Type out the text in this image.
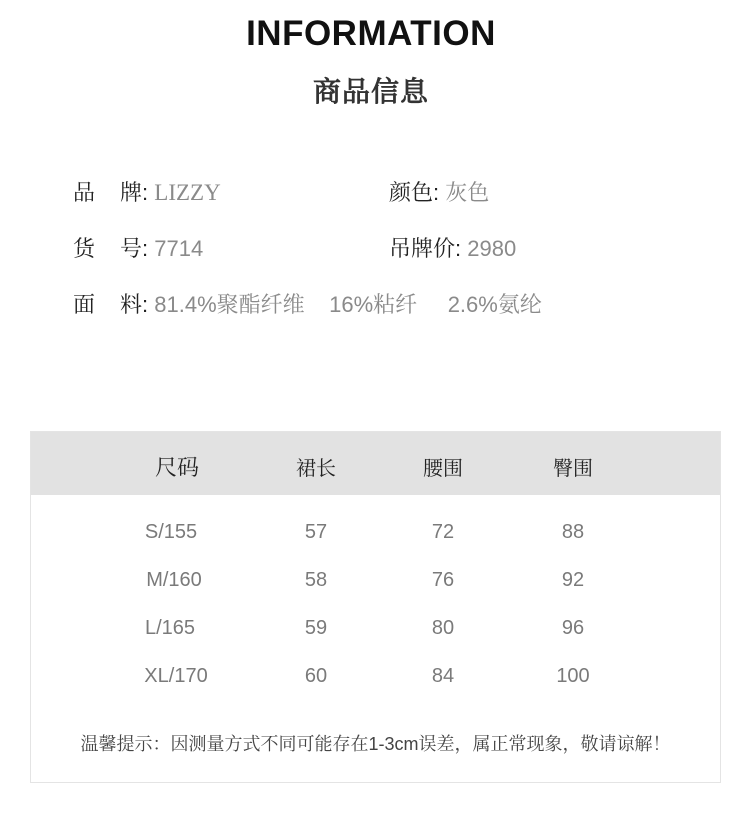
INFORMATION
商品信息
品 牌: LIZZY	颜色: 灰色
货 号: 7714	吊牌价: 2980
面 料: 81.4%聚酯纤维    16%粘纤     2.6%氨纶
尺码	裙长	腰围	臀围
S/155	57	72	88
M/160	58	76	92
L/165	59	80	96
XL/170	60	84	100
温馨提示：因测量方式不同可能存在1-3cm误差，属正常现象，敬请谅解！
